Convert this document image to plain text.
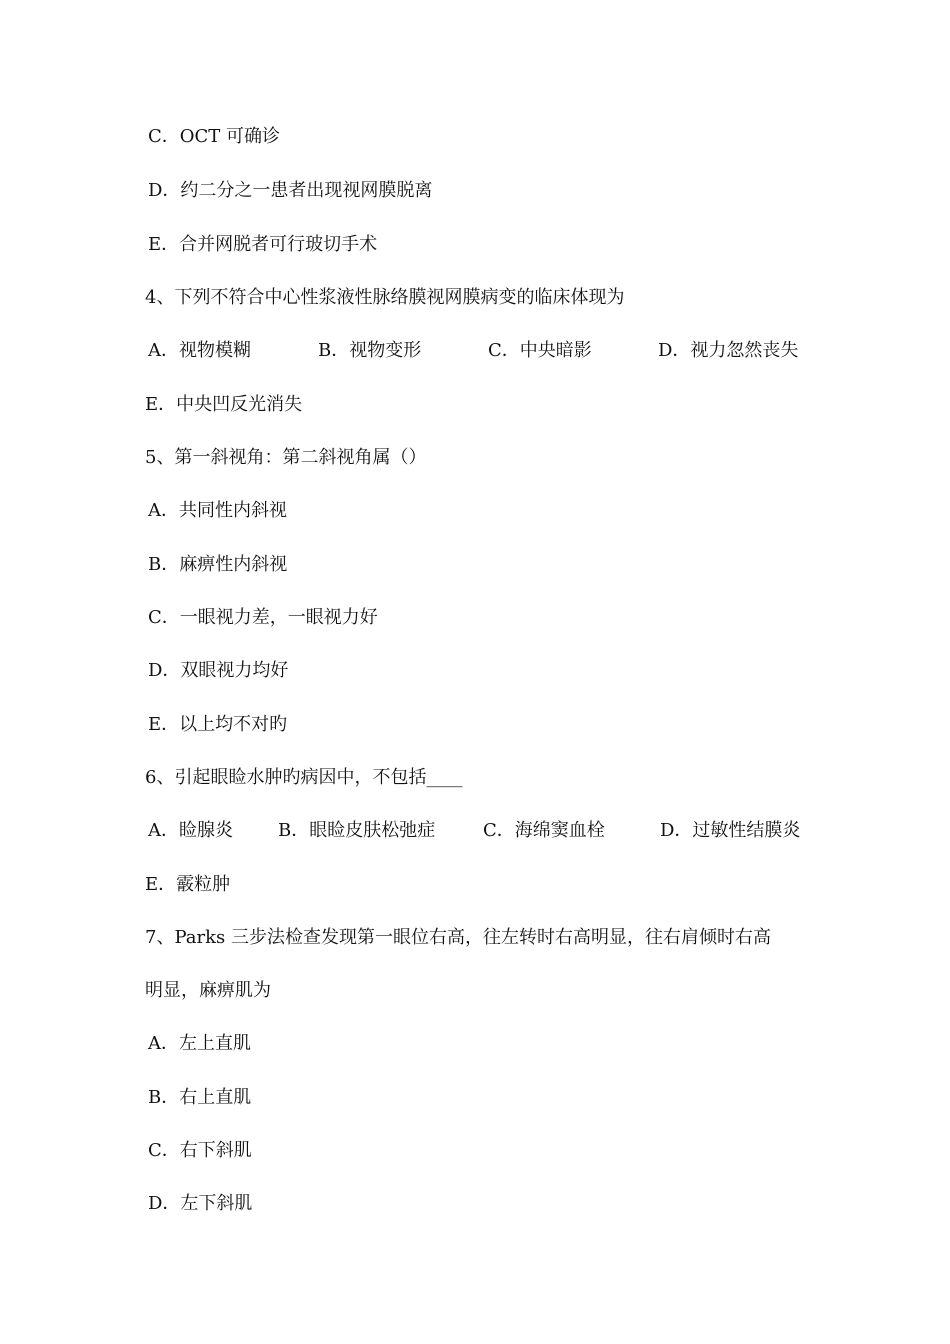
C．OCT 可确诊
D．约二分之一患者出现视网膜脱离
E．合并网脱者可行玻切手术
4、下列不符合中心性浆液性脉络膜视网膜病变的临床体现为
A．视物模糊	B．视物变形	C．中央暗影	D．视力忽然丧失
E．中央凹反光消失
5、第一斜视角：第二斜视角属（）
A．共同性内斜视
B．麻痹性内斜视
C．一眼视力差，一眼视力好
D．双眼视力均好
E．以上均不对旳
6、引起眼睑水肿旳病因中，不包括____
A．睑腺炎	B．眼睑皮肤松弛症	C．海绵窦血栓	D．过敏性结膜炎
E．霰粒肿
7、Parks 三步法检查发现第一眼位右高，往左转时右高明显，往右肩倾时右高
明显，麻痹肌为
A．左上直肌
B．右上直肌
C．右下斜肌
D．左下斜肌
